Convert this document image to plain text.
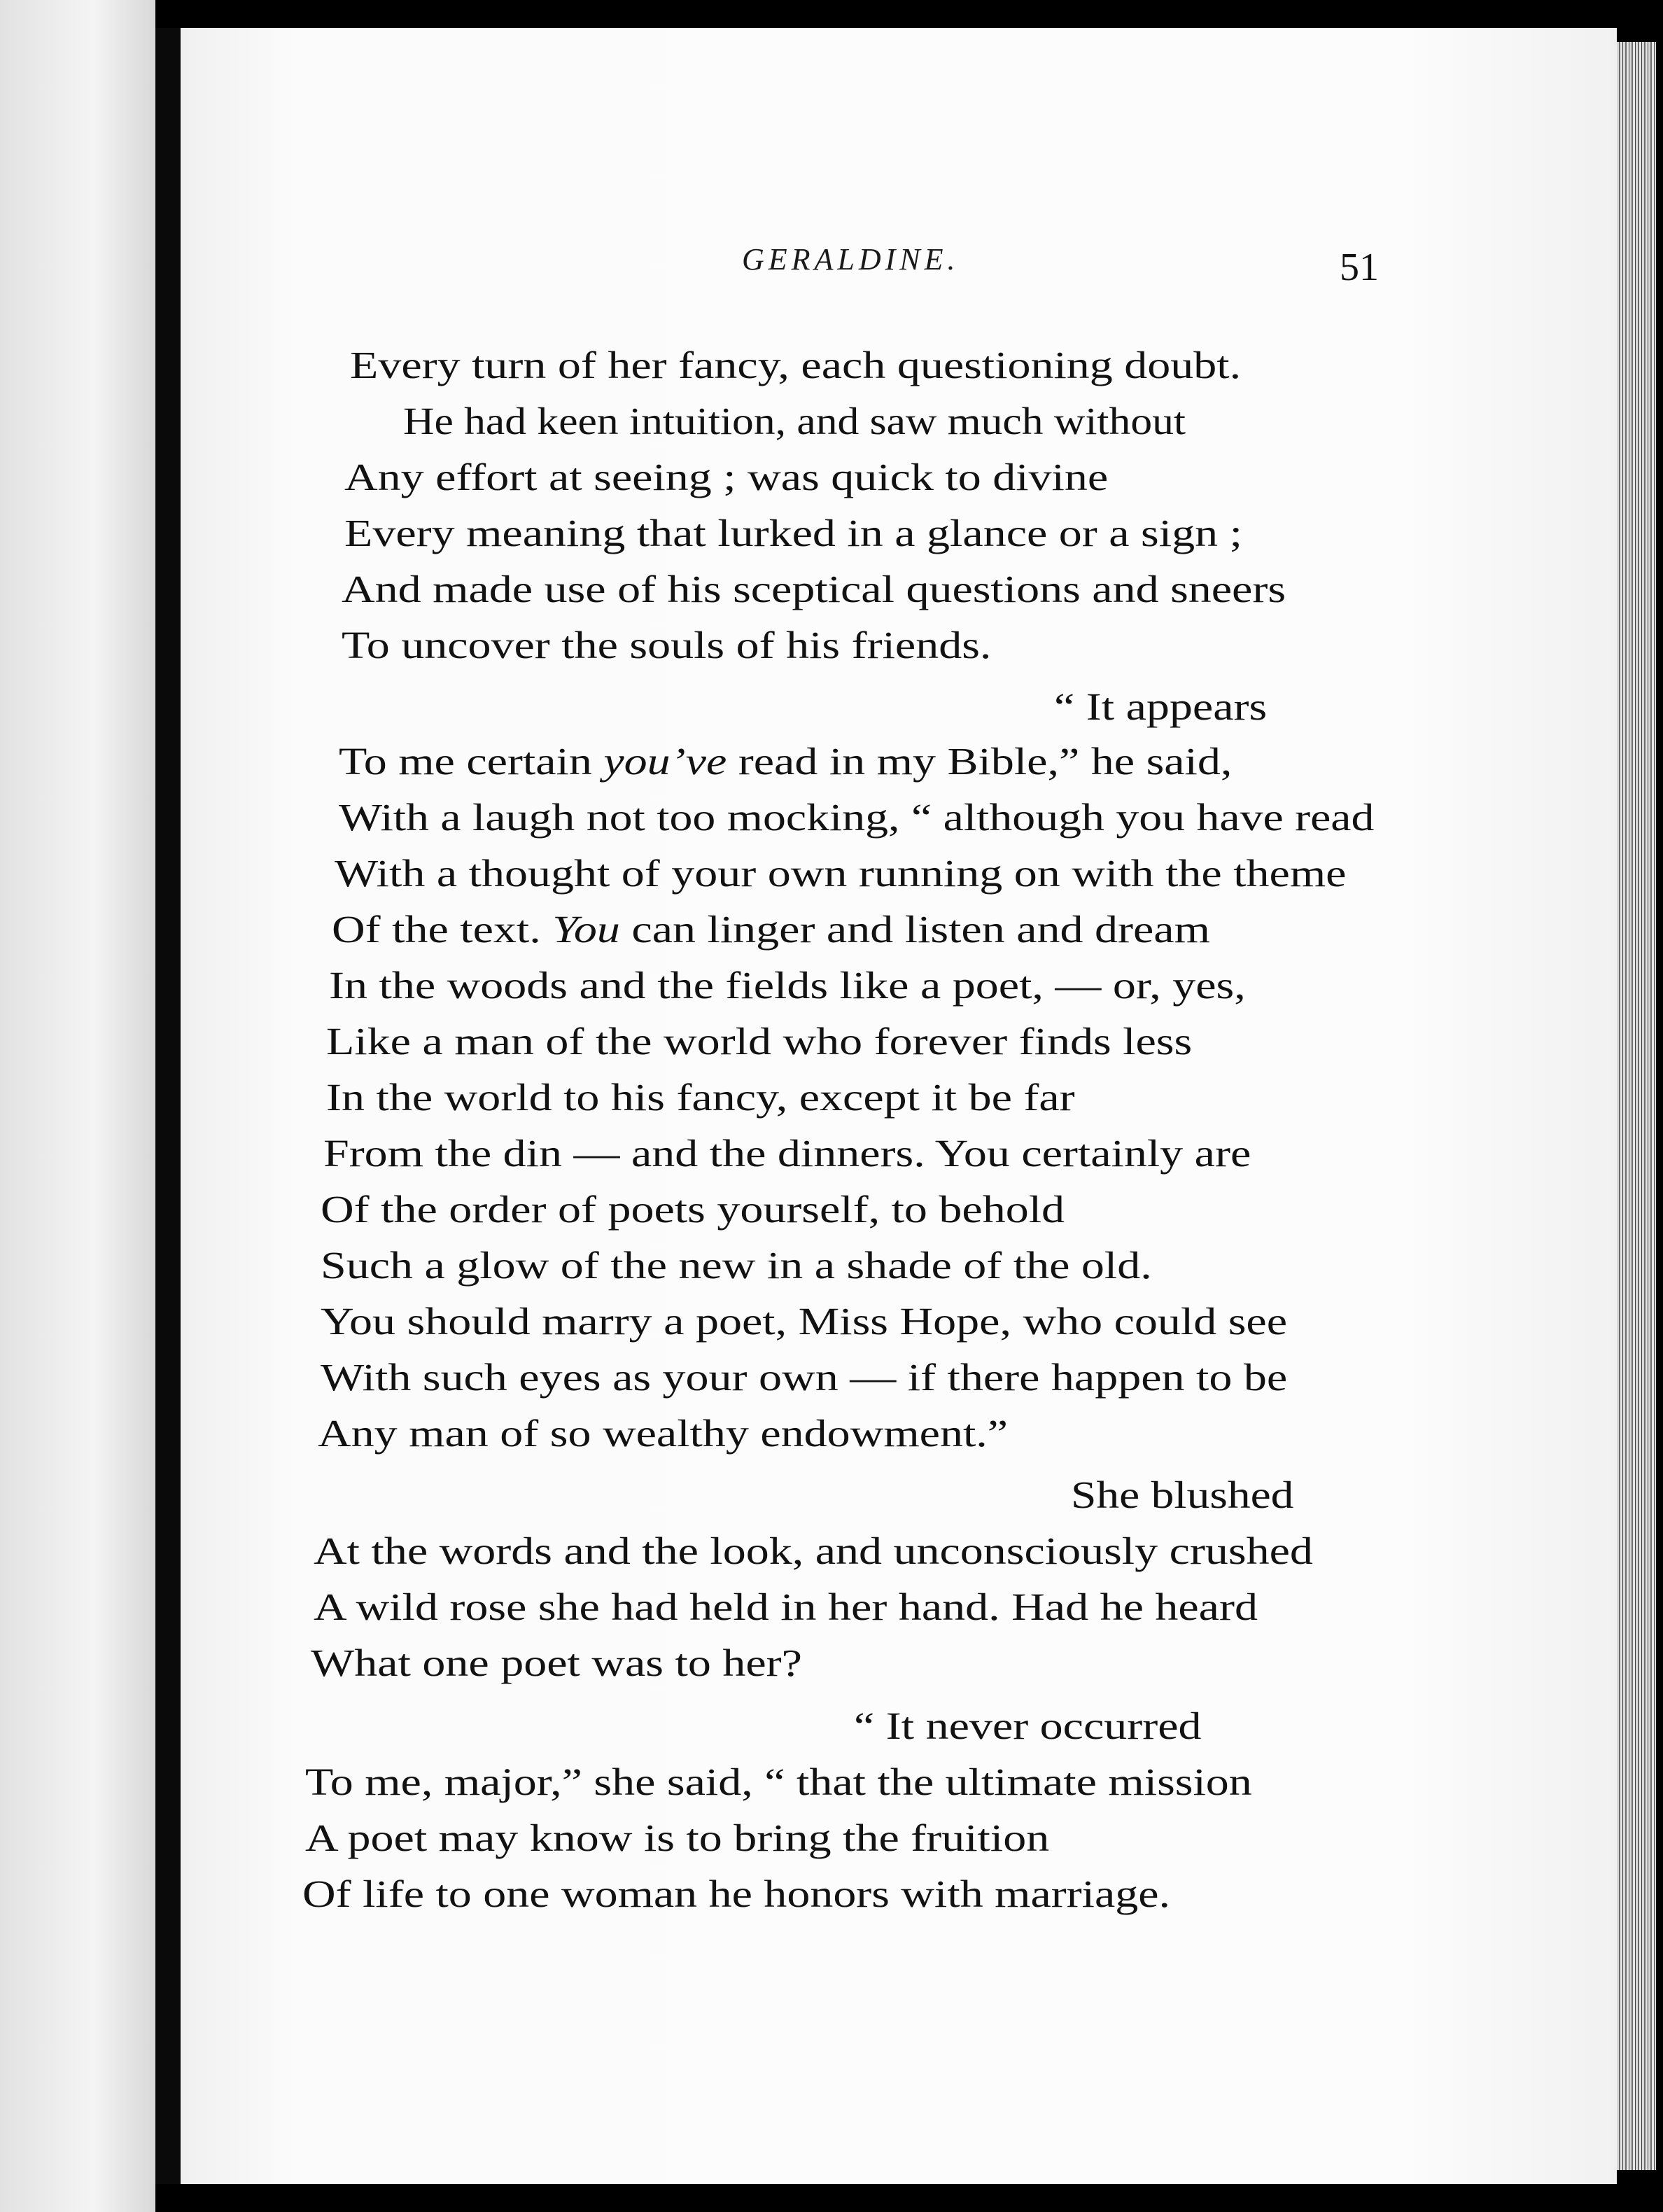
GERALDINE.	51
Every turn of her fancy, each questioning doubt.
He had keen intuition, and saw much without
Any effort at seeing ; was quick to divine
Every meaning that lurked in a glance or a sign ;
And made use of his sceptical questions and sneers
To uncover the souls of his friends.
“ It appears
To me certain you’ve read in my Bible,” he said,
With a laugh not too mocking, “ although you have read
With a thought of your own running on with the theme
Of the text. You can linger and listen and dream
In the woods and the fields like a poet, — or, yes,
Like a man of the world who forever finds less
In the world to his fancy, except it be far
From the din — and the dinners. You certainly are
Of the order of poets yourself, to behold
Such a glow of the new in a shade of the old.
You should marry a poet, Miss Hope, who could see
With such eyes as your own — if there happen to be
Any man of so wealthy endowment.”
She blushed
At the words and the look, and unconsciously crushed
A wild rose she had held in her hand. Had he heard
What one poet was to her?
“ It never occurred
To me, major,” she said, “ that the ultimate mission
A poet may know is to bring the fruition
Of life to one woman he honors with marriage.
